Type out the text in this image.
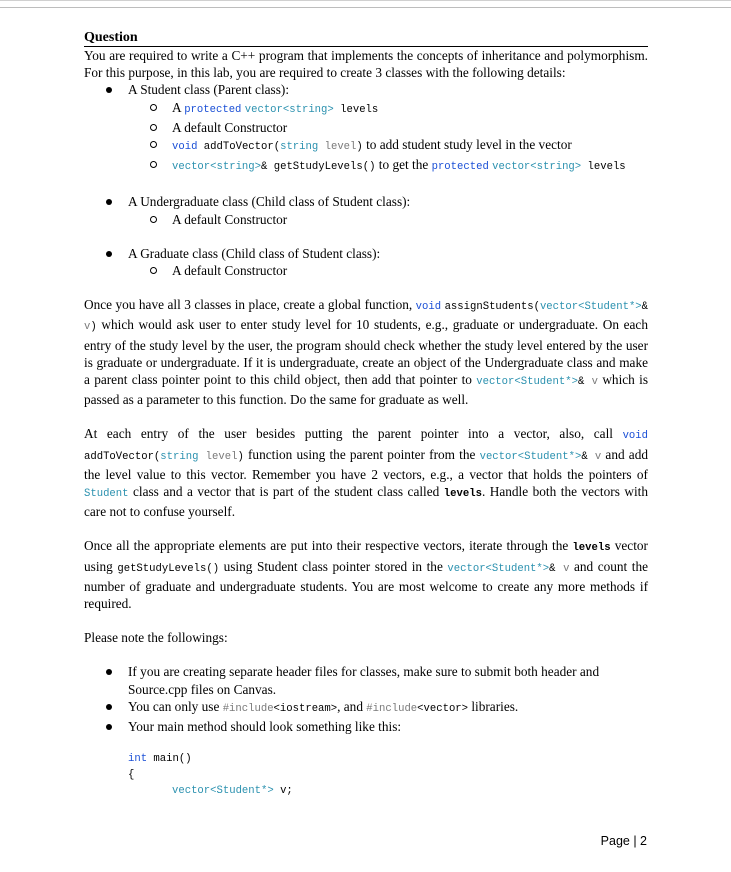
Question

You are required to write a C++ program that implements the concepts of inheritance and polymorphism. For this purpose, in this lab, you are required to create 3 classes with the following details:

A Student class (Parent class):
A protected vector<string> levels
A default Constructor
void addToVector(string level) to add student study level in the vector
vector<string>& getStudyLevels() to get the protected vector<string> levels
A Undergraduate class (Child class of Student class):
A default Constructor
A Graduate class (Child class of Student class):
A default Constructor

Once you have all 3 classes in place, create a global function, void assignStudents(vector<Student*>& v) which would ask user to enter study level for 10 students, e.g., graduate or undergraduate. On each entry of the study level by the user, the program should check whether the study level entered by the user is graduate or undergraduate. If it is undergraduate, create an object of the Undergraduate class and make a parent class pointer point to this child object, then add that pointer to vector<Student*>& v which is passed as a parameter to this function. Do the same for graduate as well.

At each entry of the user besides putting the parent pointer into a vector, also, call void addToVector(string level) function using the parent pointer from the vector<Student*>& v and add the level value to this vector. Remember you have 2 vectors, e.g., a vector that holds the pointers of Student class and a vector that is part of the student class called levels. Handle both the vectors with care not to confuse yourself.

Once all the appropriate elements are put into their respective vectors, iterate through the levels vector using getStudyLevels() using Student class pointer stored in the vector<Student*>& v and count the number of graduate and undergraduate students. You are most welcome to create any more methods if required.

Please note the followings:

If you are creating separate header files for classes, make sure to submit both header and Source.cpp files on Canvas.
You can only use #include<iostream>, and #include<vector> libraries.
Your main method should look something like this:
int main()
{
vector<Student*> v;
Page | 2
